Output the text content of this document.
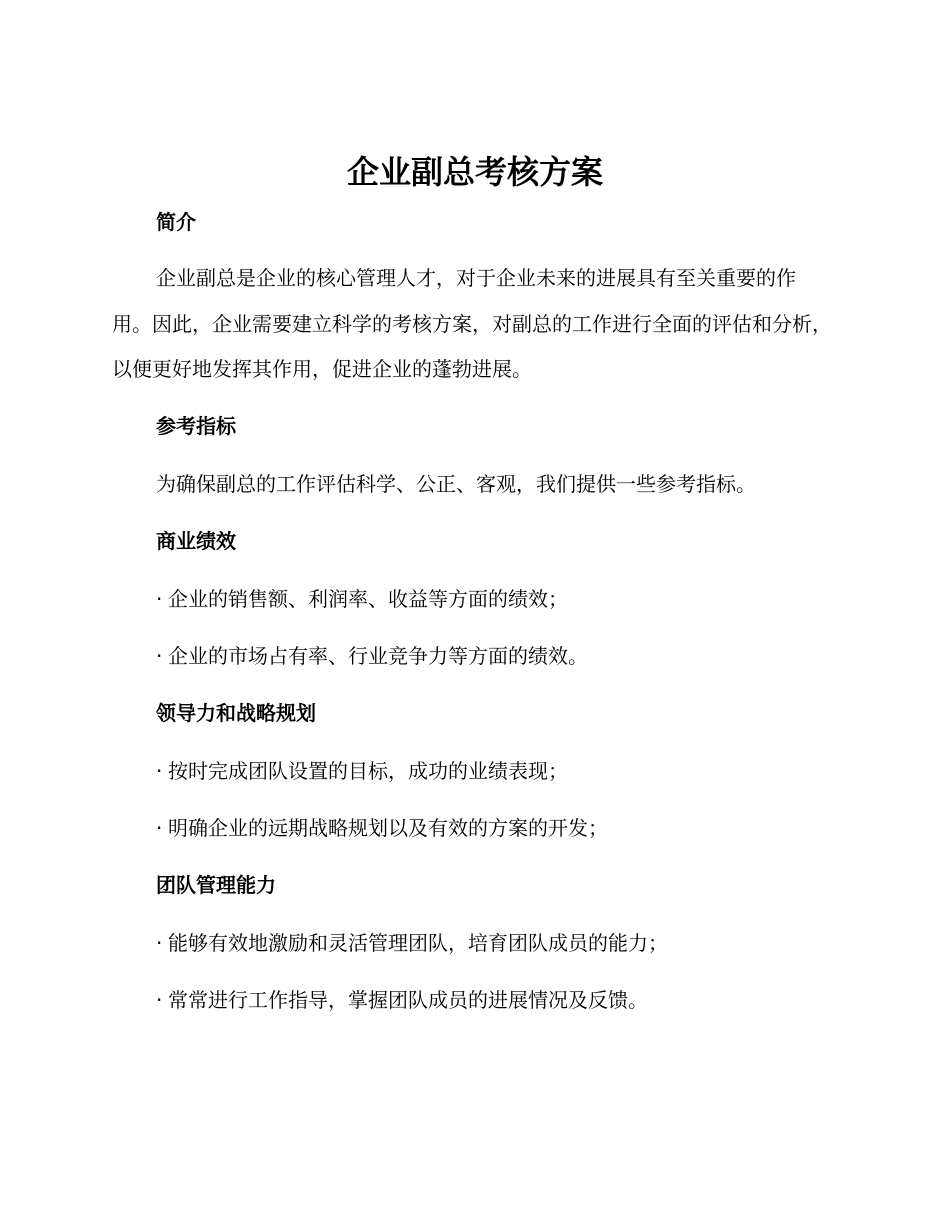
企业副总考核方案
简介

企业副总是企业的核心管理人才，对于企业未来的进展具有至关重要的作用。因此，企业需要建立科学的考核方案，对副总的工作进行全面的评估和分析，以便更好地发挥其作用，促进企业的蓬勃进展。

参考指标

为确保副总的工作评估科学、公正、客观，我们提供一些参考指标。

商业绩效

· 企业的销售额、利润率、收益等方面的绩效；

· 企业的市场占有率、行业竞争力等方面的绩效。

领导力和战略规划

· 按时完成团队设置的目标，成功的业绩表现；

· 明确企业的远期战略规划以及有效的方案的开发；

团队管理能力

· 能够有效地激励和灵活管理团队，培育团队成员的能力；

· 常常进行工作指导，掌握团队成员的进展情况及反馈。
